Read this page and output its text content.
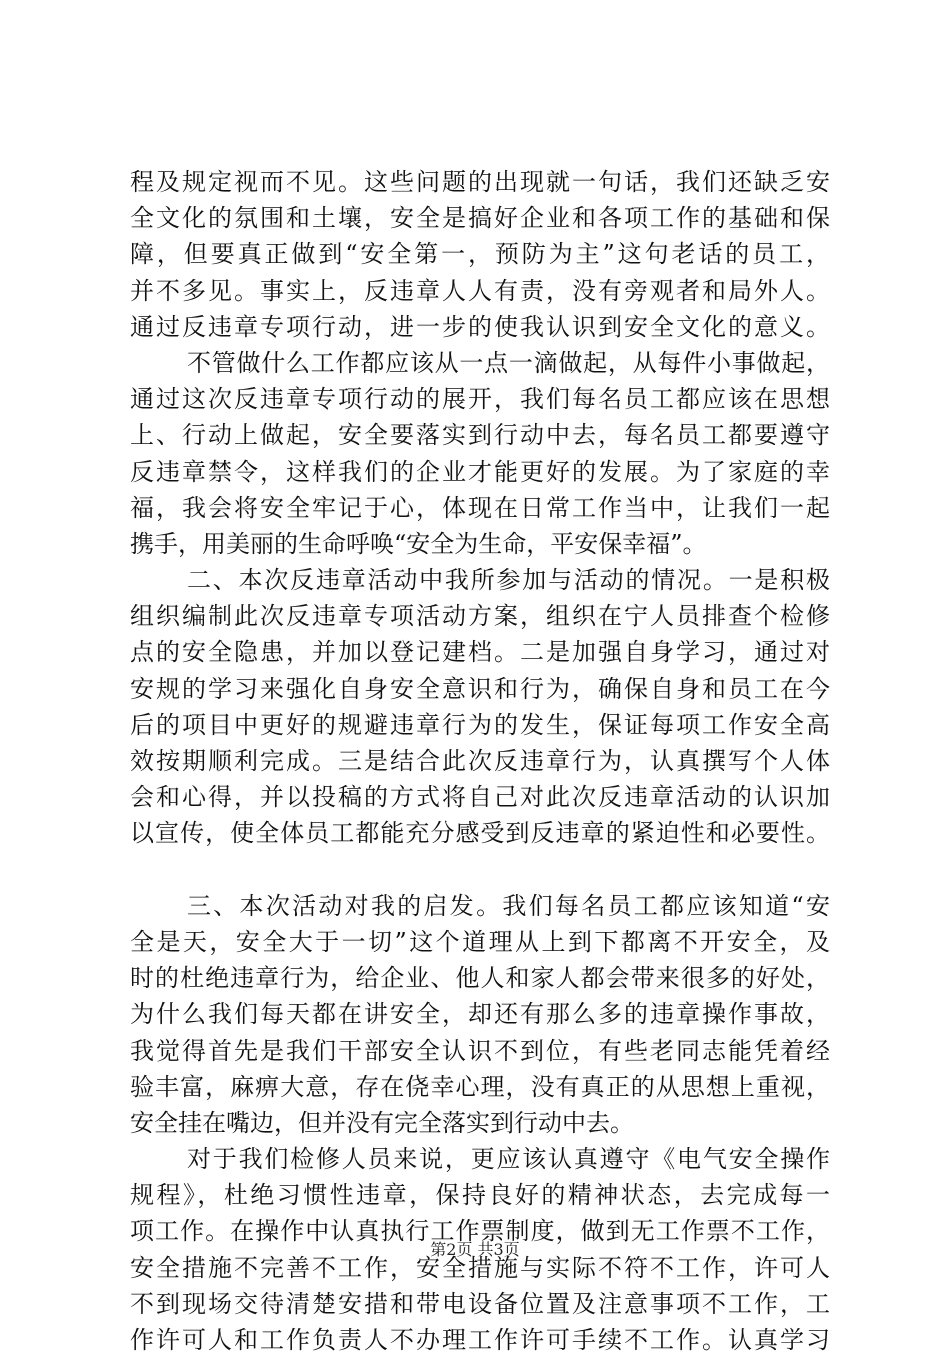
程及规定视而不见。这些问题的出现就一句话，我们还缺乏安
全文化的氛围和土壤，安全是搞好企业和各项工作的基础和保
障，但要真正做到“安全第一，预防为主”这句老话的员工，
并不多见。事实上，反违章人人有责，没有旁观者和局外人。
通过反违章专项行动，进一步的使我认识到安全文化的意义。
不管做什么工作都应该从一点一滴做起，从每件小事做起，
通过这次反违章专项行动的展开，我们每名员工都应该在思想
上、行动上做起，安全要落实到行动中去，每名员工都要遵守
反违章禁令，这样我们的企业才能更好的发展。为了家庭的幸
福，我会将安全牢记于心，体现在日常工作当中，让我们一起
携手，用美丽的生命呼唤“安全为生命，平安保幸福”。
二、本次反违章活动中我所参加与活动的情况。一是积极
组织编制此次反违章专项活动方案，组织在宁人员排查个检修
点的安全隐患，并加以登记建档。二是加强自身学习，通过对
安规的学习来强化自身安全意识和行为，确保自身和员工在今
后的项目中更好的规避违章行为的发生，保证每项工作安全高
效按期顺利完成。三是结合此次反违章行为，认真撰写个人体
会和心得，并以投稿的方式将自己对此次反违章活动的认识加
以宣传，使全体员工都能充分感受到反违章的紧迫性和必要性。
三、本次活动对我的启发。我们每名员工都应该知道“安
全是天，安全大于一切”这个道理从上到下都离不开安全，及
时的杜绝违章行为，给企业、他人和家人都会带来很多的好处，
为什么我们每天都在讲安全，却还有那么多的违章操作事故，
我觉得首先是我们干部安全认识不到位，有些老同志能凭着经
验丰富，麻痹大意，存在侥幸心理，没有真正的从思想上重视，
安全挂在嘴边，但并没有完全落实到行动中去。
对于我们检修人员来说，更应该认真遵守《电气安全操作
规程》，杜绝习惯性违章，保持良好的精神状态，去完成每一
项工作。在操作中认真执行工作票制度，做到无工作票不工作，
安全措施不完善不工作，安全措施与实际不符不工作，许可人
不到现场交待清楚安措和带电设备位置及注意事项不工作，工
作许可人和工作负责人不办理工作许可手续不工作。认真学习
第2页 共3页
